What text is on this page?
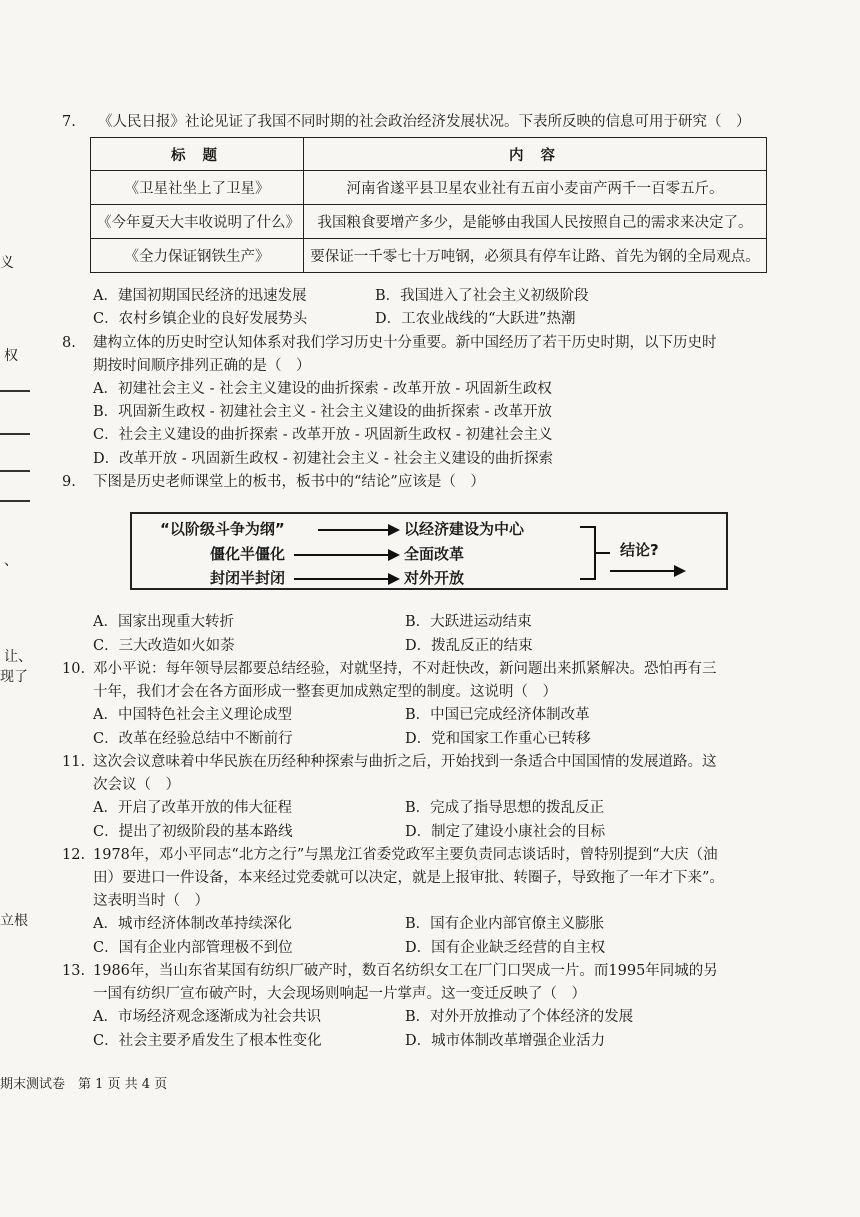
义
权
、
让、
现了
立根
7. 《人民日报》社论见证了我国不同时期的社会政治经济发展状况。下表所反映的信息可用于研究（　）
标 题	内 容
《卫星社坐上了卫星》	河南省遂平县卫星农业社有五亩小麦亩产两千一百零五斤。
《今年夏天大丰收说明了什么》	我国粮食要增产多少，是能够由我国人民按照自己的需求来决定了。
《全力保证钢铁生产》	要保证一千零七十万吨钢，必须具有停车让路、首先为钢的全局观点。
A．建国初期国民经济的迅速发展	B．我国进入了社会主义初级阶段
C．农村乡镇企业的良好发展势头	D．工农业战线的“大跃进”热潮
8. 建构立体的历史时空认知体系对我们学习历史十分重要。新中国经历了若干历史时期，以下历史时
期按时间顺序排列正确的是（　）
A．初建社会主义 - 社会主义建设的曲折探索 - 改革开放 - 巩固新生政权
B．巩固新生政权 - 初建社会主义 - 社会主义建设的曲折探索 - 改革开放
C．社会主义建设的曲折探索 - 改革开放 - 巩固新生政权 - 初建社会主义
D．改革开放 - 巩固新生政权 - 初建社会主义 - 社会主义建设的曲折探索
9. 下图是历史老师课堂上的板书，板书中的“结论”应该是（　）
“以阶级斗争为纲”
僵化半僵化
封闭半封闭
以经济建设为中心
全面改革
对外开放
结论?
A．国家出现重大转折	B．大跃进运动结束
C．三大改造如火如荼	D．拨乱反正的结束
10. 邓小平说：每年领导层都要总结经验，对就坚持，不对赶快改，新问题出来抓紧解决。恐怕再有三
十年，我们才会在各方面形成一整套更加成熟定型的制度。这说明（　）
A．中国特色社会主义理论成型	B．中国已完成经济体制改革
C．改革在经验总结中不断前行	D．党和国家工作重心已转移
11. 这次会议意味着中华民族在历经种种探索与曲折之后，开始找到一条适合中国国情的发展道路。这
次会议（　）
A．开启了改革开放的伟大征程	B．完成了指导思想的拨乱反正
C．提出了初级阶段的基本路线	D．制定了建设小康社会的目标
12. 1978年，邓小平同志“北方之行”与黑龙江省委党政军主要负责同志谈话时，曾特别提到“大庆（油
田）要进口一件设备，本来经过党委就可以决定，就是上报审批、转圈子，导致拖了一年才下来”。
这表明当时（　）
A．城市经济体制改革持续深化	B．国有企业内部官僚主义膨胀
C．国有企业内部管理极不到位	D．国有企业缺乏经营的自主权
13. 1986年，当山东省某国有纺织厂破产时，数百名纺织女工在厂门口哭成一片。而1995年同城的另
一国有纺织厂宣布破产时，大会现场则响起一片掌声。这一变迁反映了（　）
A．市场经济观念逐渐成为社会共识	B．对外开放推动了个体经济的发展
C．社会主要矛盾发生了根本性变化	D．城市体制改革增强企业活力
期末测试卷　第 1 页 共 4 页
